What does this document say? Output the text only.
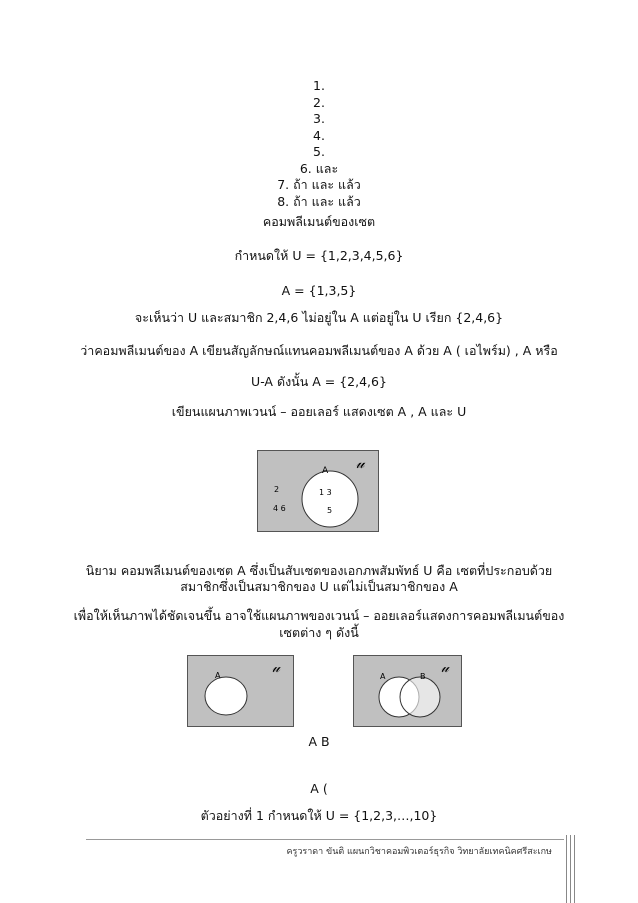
1.
2.
3.
4.
5.
6. และ
7. ถ้า และ แล้ว
8. ถ้า และ แล้ว
คอมพลีเมนต์ของเซต
กำหนดให้ U = {1,2,3,4,5,6}
A = {1,3,5}
จะเห็นว่า U และสมาชิก 2,4,6 ไม่อยู่ใน A แต่อยู่ใน U เรียก {2,4,6}
ว่าคอมพลีเมนต์ของ A เขียนสัญลักษณ์แทนคอมพลีเมนต์ของ A ด้วย A ( เอไพร์ม) , A หรือ
U-A ดังนั้น A = {2,4,6}
เขียนแผนภาพเวนน์ – ออยเลอร์ แสดงเซต A , A และ U
𝓊
A
1 3
5
2
4 6
นิยาม คอมพลีเมนต์ของเซต A ซึ่งเป็นสับเซตของเอกภพสัมพัทธ์ U คือ เซตที่ประกอบด้วย
สมาชิกซึ่งเป็นสมาชิกของ U แต่ไม่เป็นสมาชิกของ A
เพื่อให้เห็นภาพได้ชัดเจนขึ้น อาจใช้แผนภาพของเวนน์ – ออยเลอร์แสดงการคอมพลีเมนต์ของ
เซตต่าง ๆ ดังนี้
𝓊
A	𝓊
A	B
A B
A (
ตัวอย่างที่ 1 กำหนดให้ U = {1,2,3,…,10}
ครูวราดา ขันติ แผนกวิชาคอมพิวเตอร์ธุรกิจ วิทยาลัยเทคนิคศรีสะเกษ
